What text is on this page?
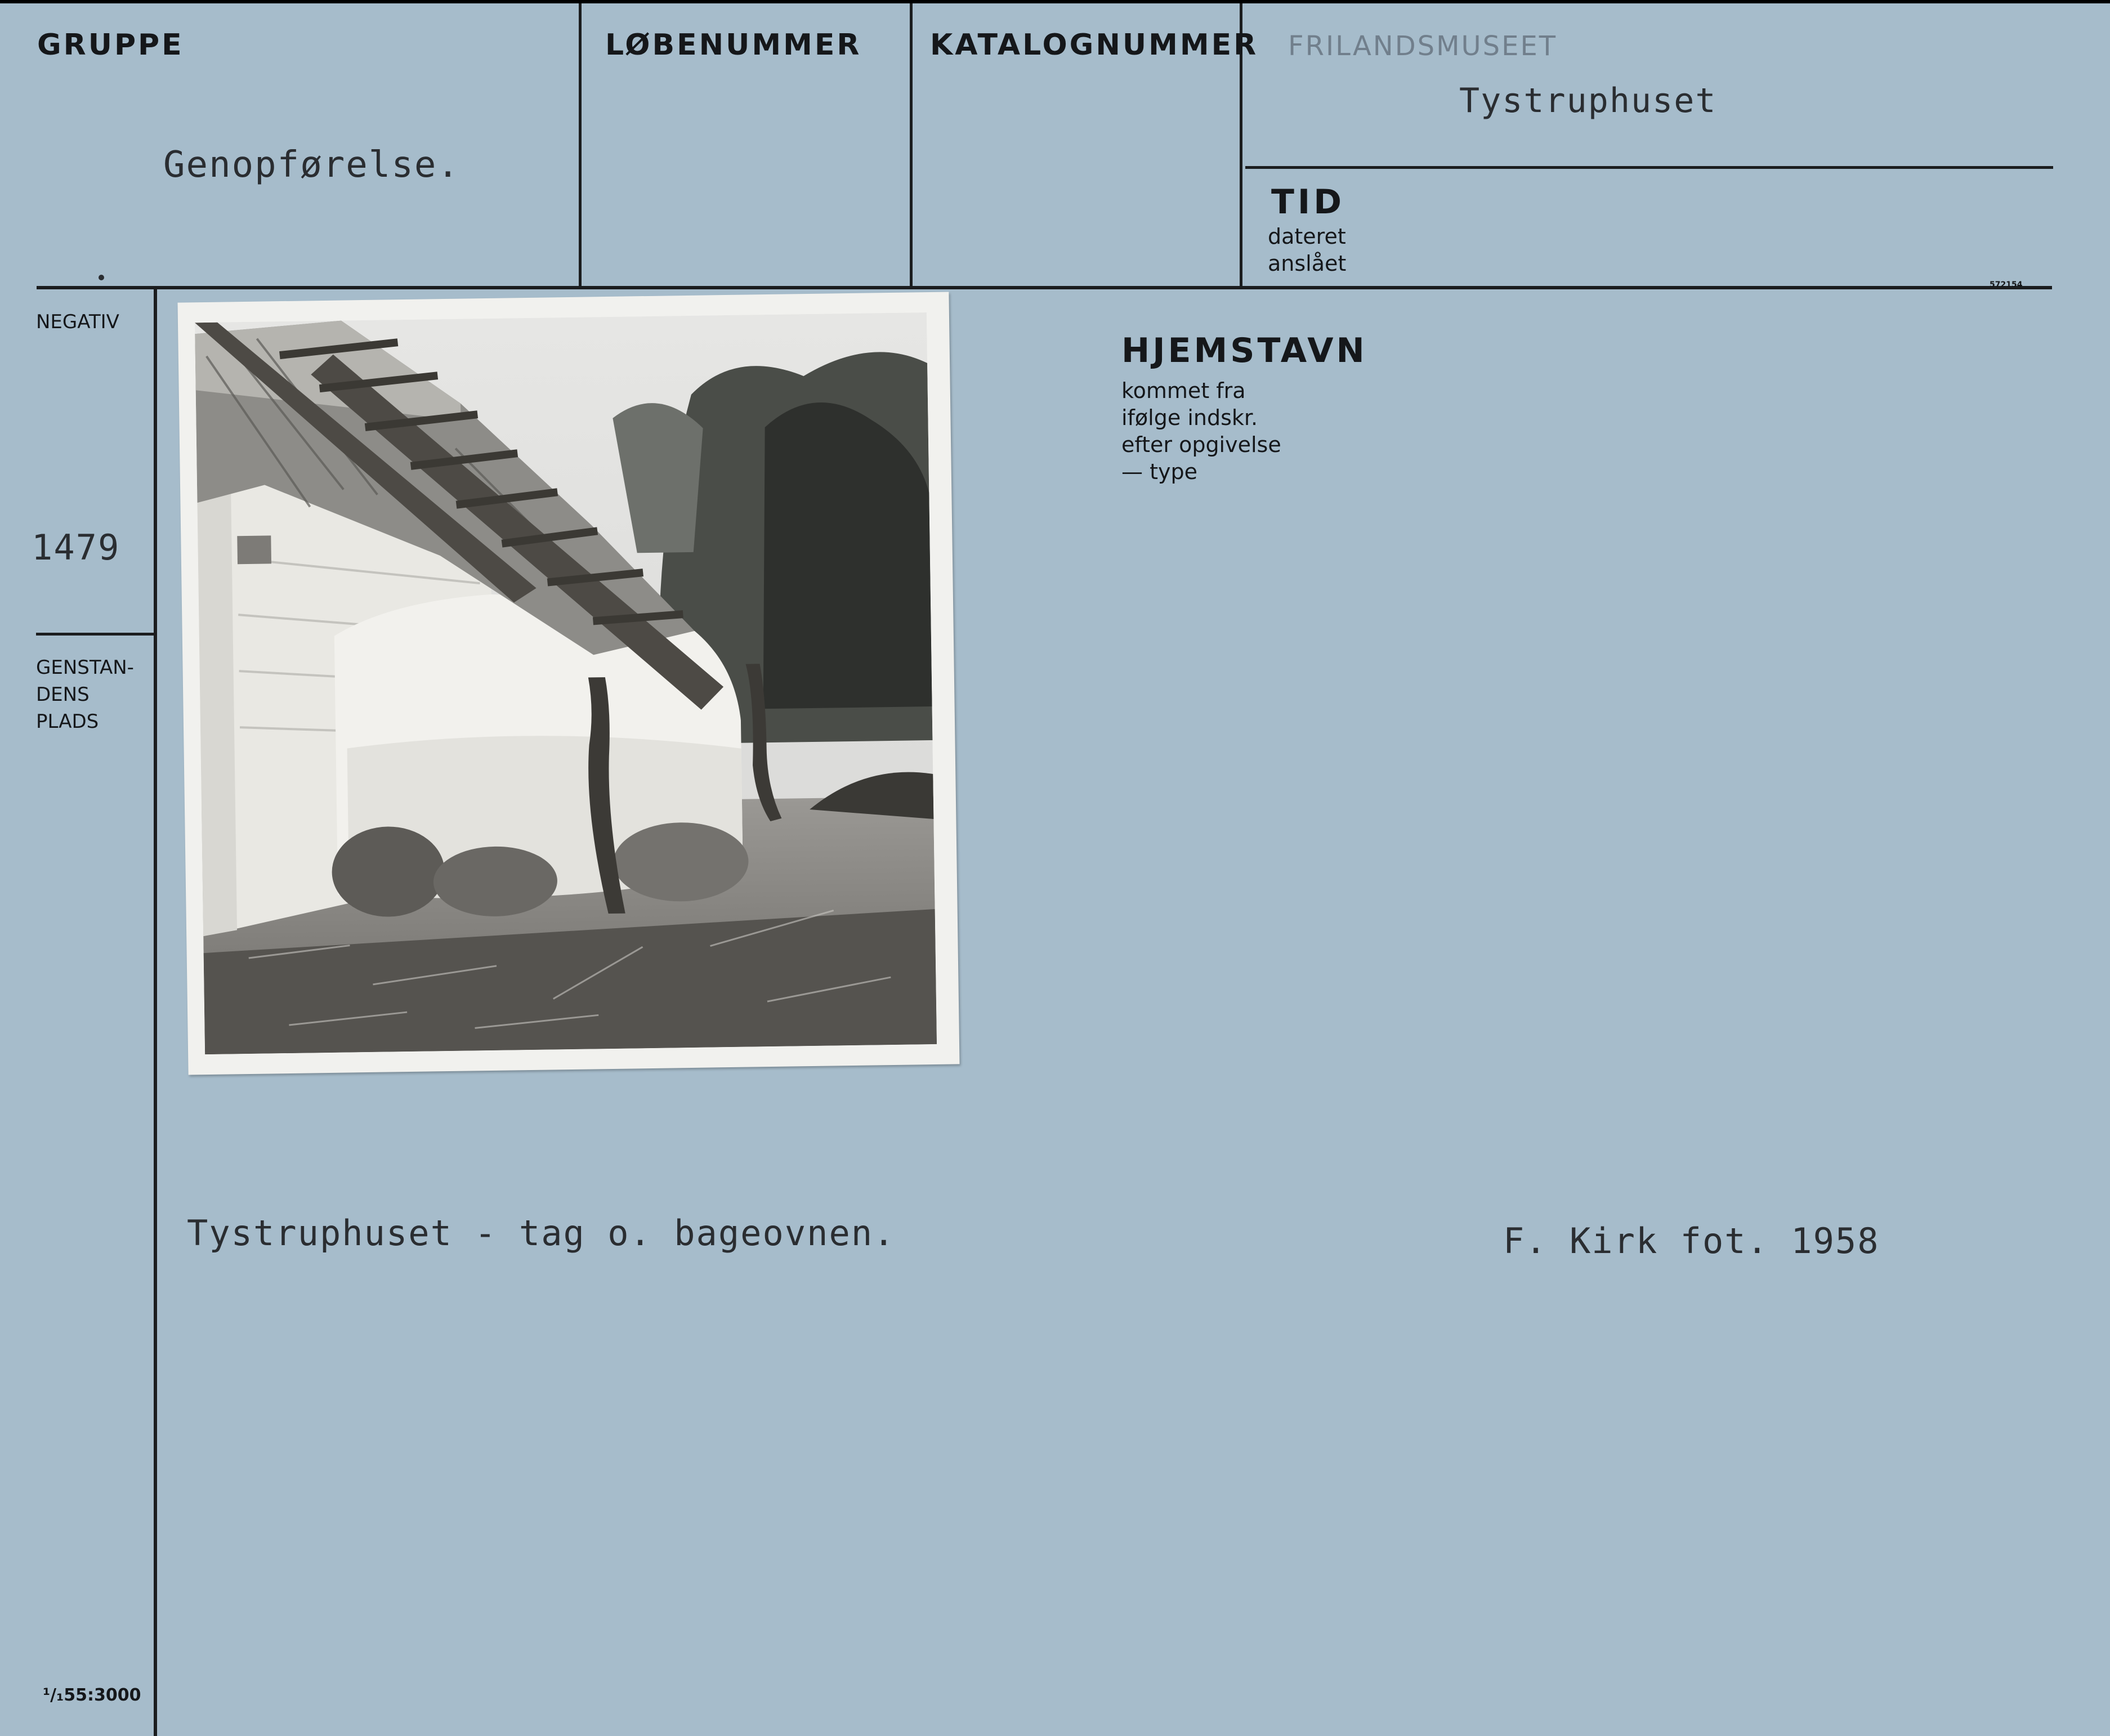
GRUPPE
Genopførelse.
LØBENUMMER KATALOGNUMMER FRILANDSMUSEET
Tystruphuset
TID
dateret
anslået
572154
NEGATIV
1479
GENSTAN-
DENS
PLADS
¹/₁55:3000
HJEMSTAVN
kommet fra
ifølge indskr.
efter opgivelse
— type
Tystruphuset - tag o. bageovnen.	F. Kirk fot. 1958
